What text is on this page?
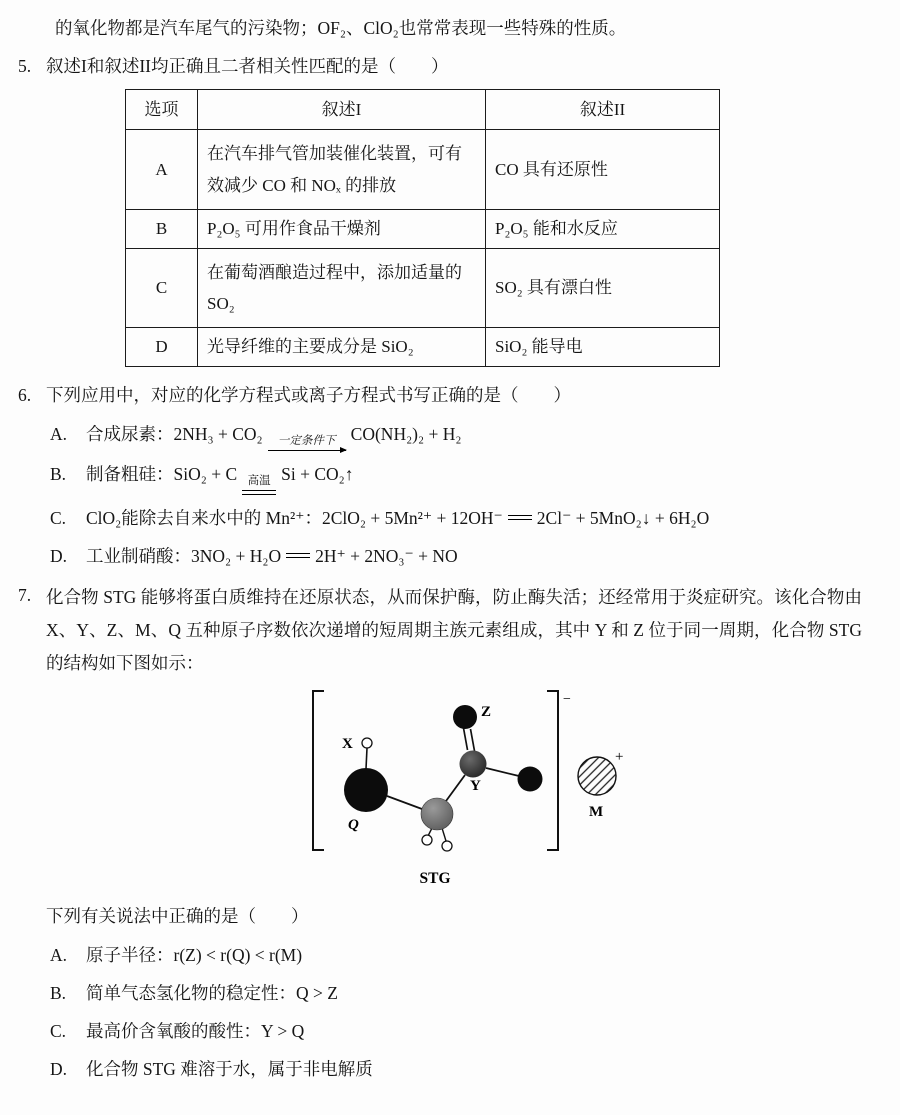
的氧化物都是汽车尾气的污染物；OF₂、ClO₂也常常表现一些特殊的性质。

5. 叙述I和叙述II均正确且二者相关性匹配的是（　　）
选项	叙述I	叙述II
A	在汽车排气管加装催化装置，可有效减少 CO 和 NOₓ 的排放	CO 具有还原性
B	P₂O₅ 可用作食品干燥剂	P₂O₅ 能和水反应
C	在葡萄酒酿造过程中，添加适量的 SO₂	SO₂ 具有漂白性
D	光导纤维的主要成分是 SiO₂	SiO₂ 能导电
6. 下列应用中，对应的化学方程式或离子方程式书写正确的是（　　）
A.	合成尿素：2NH₃ + CO₂	一定条件下 CO(NH₂)₂ + H₂
B.	制备粗硅：SiO₂ + C 高温 Si + CO₂↑
C.	ClO₂能除去自来水中的 Mn²⁺：2ClO₂ + 5Mn²⁺ + 12OH⁻ 2Cl⁻ + 5MnO₂↓ + 6H₂O
D.	工业制硝酸：3NO₂ + H₂O 2H⁺ + 2NO₃⁻ + NO
7. 化合物 STG 能够将蛋白质维持在还原状态，从而保护酶，防止酶失活；还经常用于炎症研究。该化合物由 X、Y、Z、M、Q 五种原子序数依次递增的短周期主族元素组成，其中 Y 和 Z 位于同一周期，化合物 STG 的结构如下图如示：
−
X
Z
Y
Q
+
M
STG
下列有关说法中正确的是（　　）
A.	原子半径：r(Z) < r(Q) < r(M)
B.	简单气态氢化物的稳定性：Q > Z
C.	最高价含氧酸的酸性：Y > Q
D.	化合物 STG 难溶于水，属于非电解质
